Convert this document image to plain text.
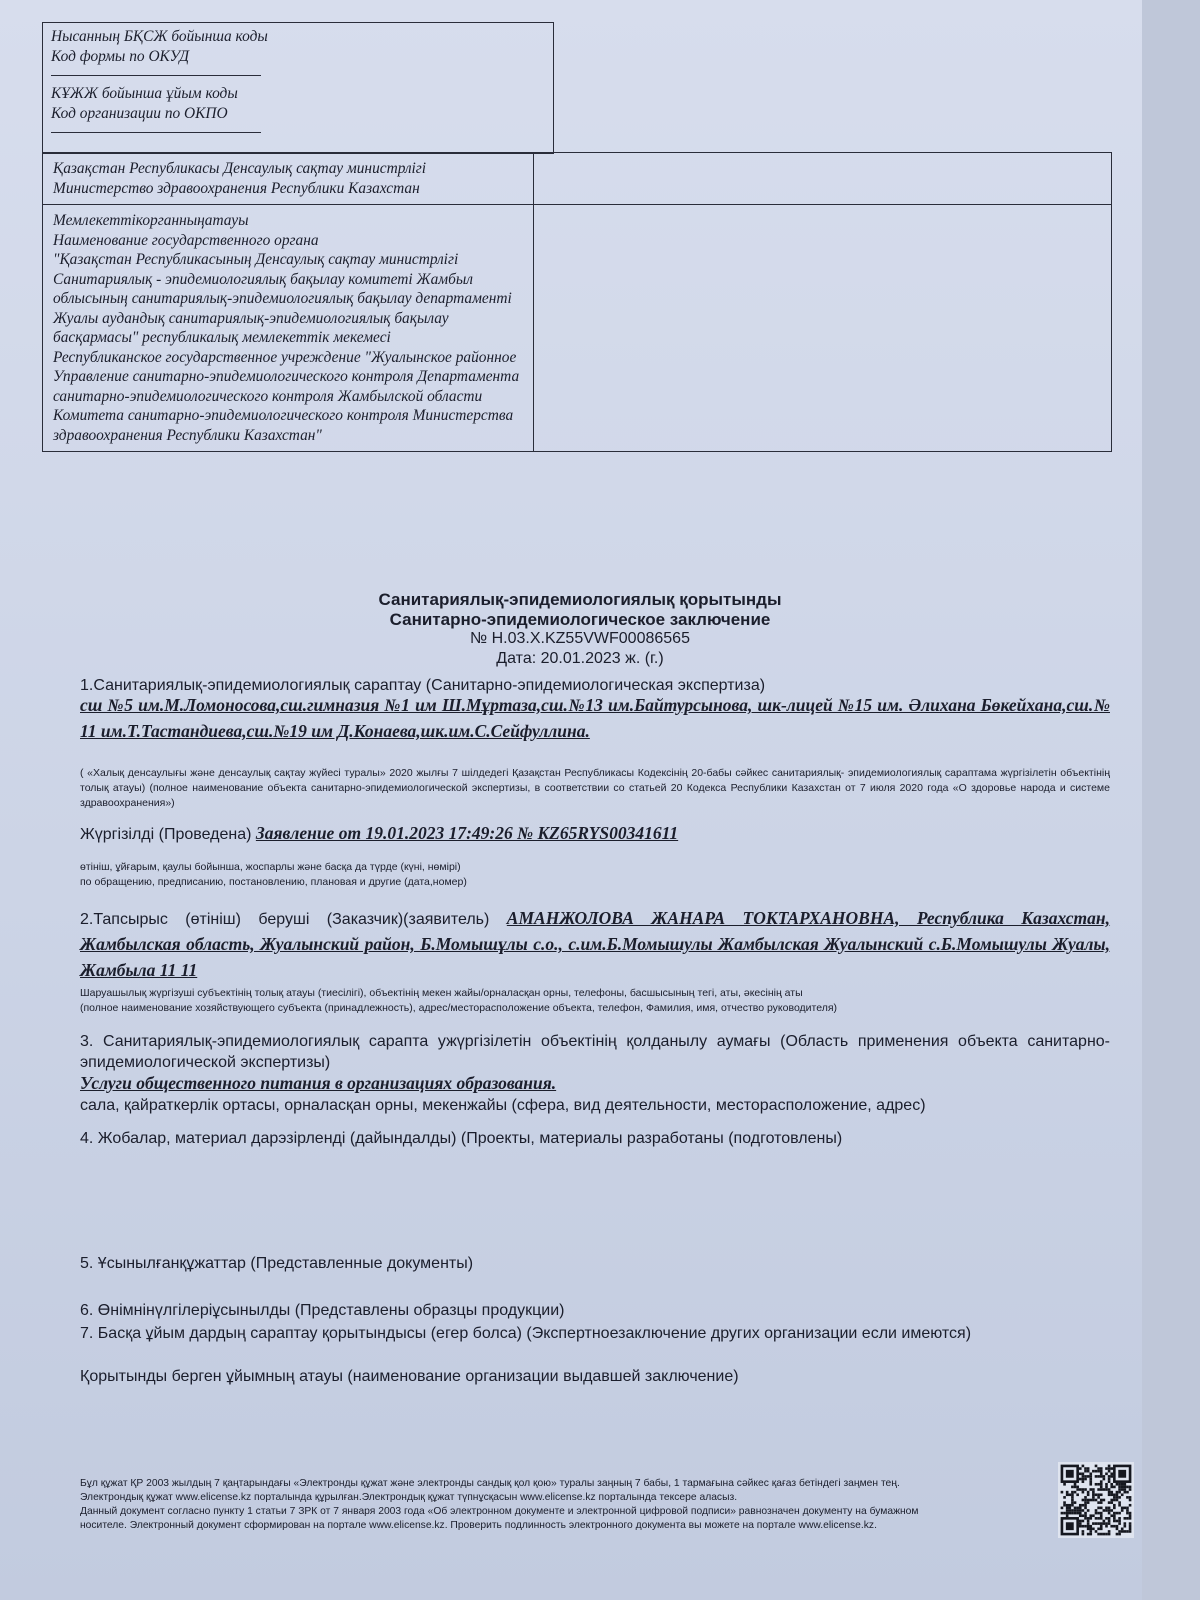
Нысанның БҚСЖ бойынша коды
Код формы по ОКУД
КҰЖЖ бойынша ұйым коды
Код организации по ОКПО
Қазақстан Республикасы Денсаулық сақтау министрлігі
Министерство здравоохранения Республики Казахстан	

Мемлекеттікорганныңатауы
Наименование государственного органа
"Қазақстан Республикасының Денсаулық сақтау министрлігі Санитариялық - эпидемиологиялық бақылау комитеті Жамбыл облысының санитариялық-эпидемиологиялық бақылау департаменті Жуалы аудандық санитариялық-эпидемиологиялық бақылау басқармасы" республикалық мемлекеттік мекемесі
Республиканское государственное учреждение "Жуалынское районное Управление санитарно-эпидемиологического контроля Департамента санитарно-эпидемиологического контроля Жамбылской области Комитета санитарно-эпидемиологического контроля Министерства здравоохранения Республики Казахстан"	

Санитариялық-эпидемиологиялық қорытынды
Санитарно-эпидемиологическое заключение
№ H.03.X.KZ55VWF00086565
Дата: 20.01.2023 ж. (г.)
1.Санитариялық-эпидемиологиялық сараптау (Санитарно-эпидемиологическая экспертиза)
сш №5 им.М.Ломоносова,сш.гимназия №1 им Ш.Мұртаза,сш.№13 им.Байтурсынова, шк-лицей №15 им. Әлихана Бөкейхана,сш.№ 11 им.Т.Тастандиева,сш.№19 им Д.Конаева,шк.им.С.Сейфуллина.
( «Халық денсаулығы және денсаулық сақтау жүйесі туралы» 2020 жылғы 7 шілдедегі Қазақстан Республикасы Кодексінің 20-бабы сәйкес санитариялық- эпидемиологиялық сараптама жүргізілетін объектінің толық атауы) (полное наименование объекта санитарно-эпидемиологической экспертизы, в соответствии со статьей 20 Кодекса Республики Казахстан от 7 июля 2020 года «О здоровье народа и системе здравоохранения»)
Жүргізілді (Проведена) Заявление от 19.01.2023 17:49:26 № KZ65RYS00341611
өтініш, ұйғарым, қаулы бойынша, жоспарлы және басқа да түрде (күні, нөмірі)
по обращению, предписанию, постановлению, плановая и другие (дата,номер)
2.Тапсырыс (өтініш) беруші (Заказчик)(заявитель) АМАНЖОЛОВА ЖАНАРА ТОКТАРХАНОВНА, Республика Казахстан, Жамбылская область, Жуалынский район, Б.Момышұлы с.о., с.им.Б.Момышулы Жамбылская Жуалынский с.Б.Момышулы Жуалы, Жамбыла 11 11
Шаруашылық жүргізуші субъектінің толық атауы (тиесілігі), объектінің мекен жайы/орналасқан орны, телефоны, басшысының тегі, аты, әкесінің аты
(полное наименование хозяйствующего субъекта (принадлежность), адрес/месторасположение объекта, телефон, Фамилия, имя, отчество руководителя)
3. Санитариялық-эпидемиологиялық сарапта ужүргізілетін объектінің қолданылу аумағы (Область применения объекта санитарно-эпидемиологической экспертизы)
Услуги общественного питания в организациях образования.
сала, қайраткерлік ортасы, орналасқан орны, мекенжайы (сфера, вид деятельности, месторасположение, адрес)
4. Жобалар, материал дарэзірленді (дайындалды) (Проекты, материалы разработаны (подготовлены)
5. Ұсынылғанқұжаттар (Представленные документы)
6. Өнімнінүлгілеріұсынылды (Представлены образцы продукции)
7. Басқа ұйым дардың сараптау қорытындысы (егер болса) (Экспертноезаключение других организации если имеются)
Қорытынды берген ұйымның атауы (наименование организации выдавшей заключение)
Бұл құжат ҚР 2003 жылдың 7 қаңтарындағы «Электронды құжат және электронды сандық қол қою» туралы заңның 7 бабы, 1 тармағына сәйкес қағаз бетіндегі заңмен тең.
Электрондық құжат www.elicense.kz порталында құрылған.Электрондық құжат түпнұсқасын www.elicense.kz порталында тексере аласыз.
Данный документ согласно пункту 1 статьи 7 ЗРК от 7 января 2003 года «Об электронном документе и электронной цифровой подписи» равнозначен документу на бумажном
носителе. Электронный документ сформирован на портале www.elicense.kz. Проверить подлинность электронного документа вы можете на портале www.elicense.kz.
